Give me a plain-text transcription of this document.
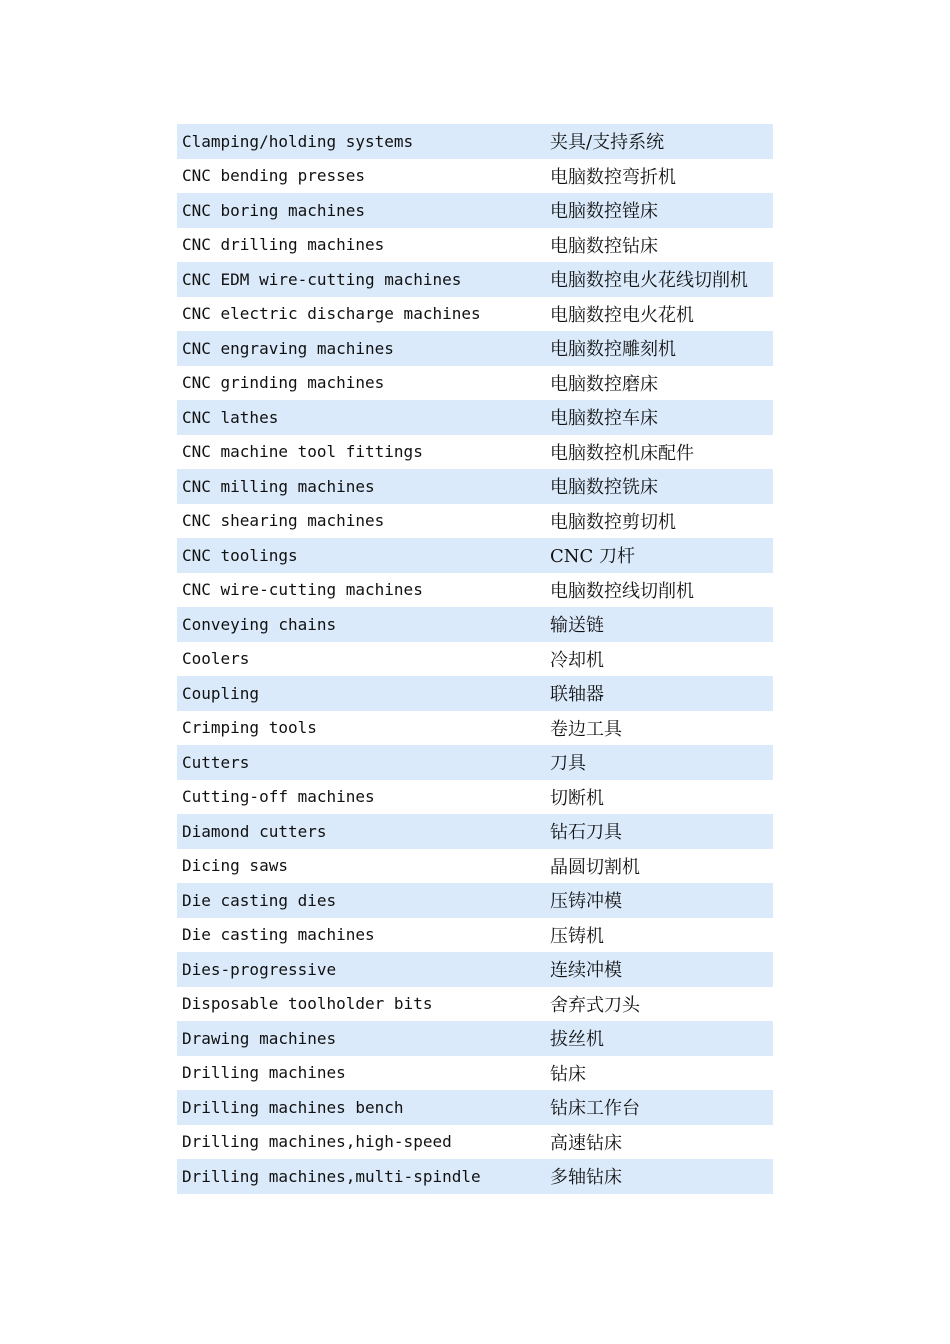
Clamping/holding systems	夹具/支持系统
CNC bending presses	电脑数控弯折机
CNC boring machines	电脑数控镗床
CNC drilling machines	电脑数控钻床
CNC EDM wire-cutting machines	电脑数控电火花线切削机
CNC electric discharge machines	电脑数控电火花机
CNC engraving machines	电脑数控雕刻机
CNC grinding machines	电脑数控磨床
CNC lathes	电脑数控车床
CNC machine tool fittings	电脑数控机床配件
CNC milling machines	电脑数控铣床
CNC shearing machines	电脑数控剪切机
CNC toolings	CNC 刀杆
CNC wire-cutting machines	电脑数控线切削机
Conveying chains	输送链
Coolers	冷却机
Coupling	联轴器
Crimping tools	卷边工具
Cutters	刀具
Cutting-off machines	切断机
Diamond cutters	钻石刀具
Dicing saws	晶圆切割机
Die casting dies	压铸冲模
Die casting machines	压铸机
Dies-progressive	连续冲模
Disposable toolholder bits	舍弃式刀头
Drawing machines	拔丝机
Drilling machines	钻床
Drilling machines bench	钻床工作台
Drilling machines,high-speed	高速钻床
Drilling machines,multi-spindle	多轴钻床
